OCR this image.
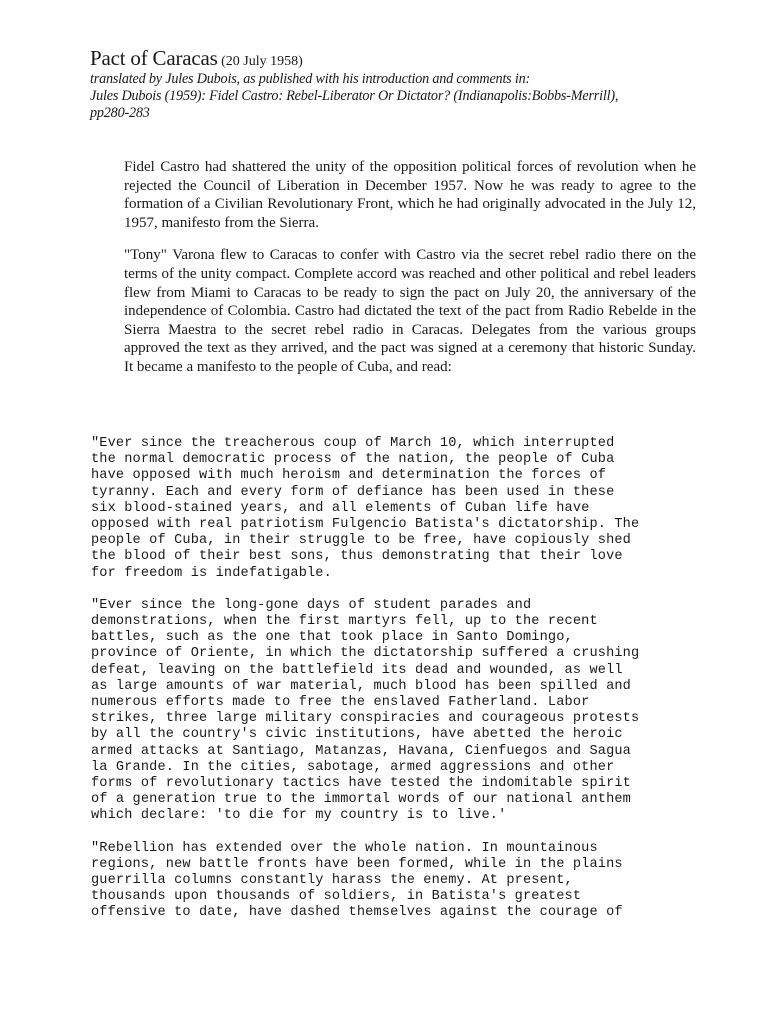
Pact of Caracas (20 July 1958)
translated by Jules Dubois, as published with his introduction and comments in:
Jules Dubois (1959): Fidel Castro: Rebel-Liberator Or Dictator? (Indianapolis:Bobbs-Merrill),
pp280-283

Fidel Castro had shattered the unity of the opposition political forces of revolution when he rejected the Council of Liberation in December 1957. Now he was ready to agree to the formation of a Civilian Revolutionary Front, which he had originally advocated in the July 12, 1957, manifesto from the Sierra.

"Tony" Varona flew to Caracas to confer with Castro via the secret rebel radio there on the terms of the unity compact. Complete accord was reached and other political and rebel leaders flew from Miami to Caracas to be ready to sign the pact on July 20, the anniversary of the independence of Colombia. Castro had dictated the text of the pact from Radio Rebelde in the Sierra Maestra to the secret rebel radio in Caracas. Delegates from the various groups approved the text as they arrived, and the pact was signed at a ceremony that historic Sunday. It became a manifesto to the people of Cuba, and read:

"Ever since the treacherous coup of March 10, which interrupted
the normal democratic process of the nation, the people of Cuba
have opposed with much heroism and determination the forces of
tyranny. Each and every form of defiance has been used in these
six blood-stained years, and all elements of Cuban life have
opposed with real patriotism Fulgencio Batista's dictatorship. The
people of Cuba, in their struggle to be free, have copiously shed
the blood of their best sons, thus demonstrating that their love
for freedom is indefatigable.

"Ever since the long-gone days of student parades and
demonstrations, when the first martyrs fell, up to the recent
battles, such as the one that took place in Santo Domingo,
province of Oriente, in which the dictatorship suffered a crushing
defeat, leaving on the battlefield its dead and wounded, as well
as large amounts of war material, much blood has been spilled and
numerous efforts made to free the enslaved Fatherland. Labor
strikes, three large military conspiracies and courageous protests
by all the country's civic institutions, have abetted the heroic
armed attacks at Santiago, Matanzas, Havana, Cienfuegos and Sagua
la Grande. In the cities, sabotage, armed aggressions and other
forms of revolutionary tactics have tested the indomitable spirit
of a generation true to the immortal words of our national anthem
which declare: 'to die for my country is to live.'

"Rebellion has extended over the whole nation. In mountainous
regions, new battle fronts have been formed, while in the plains
guerrilla columns constantly harass the enemy. At present,
thousands upon thousands of soldiers, in Batista's greatest
offensive to date, have dashed themselves against the courage of
